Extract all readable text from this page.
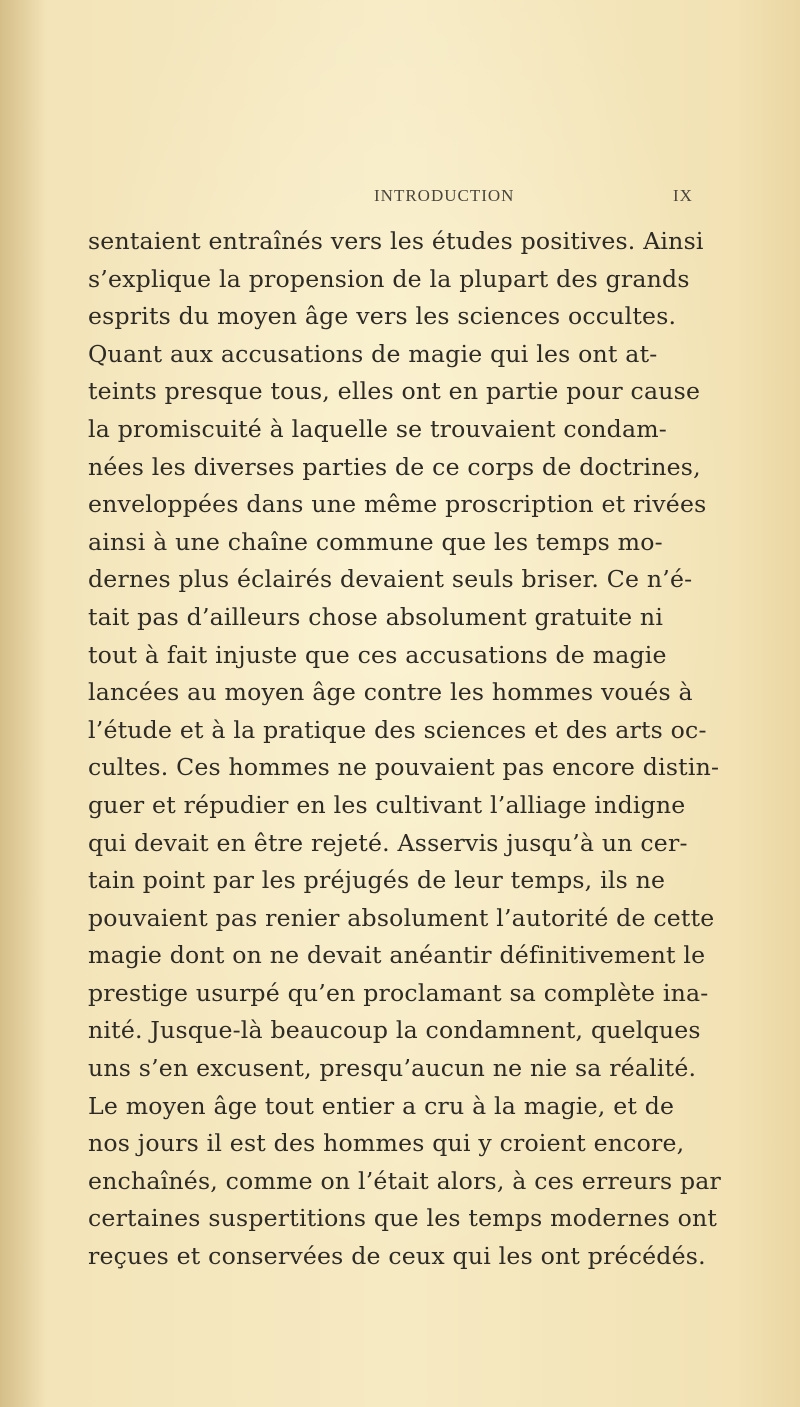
INTRODUCTION	IX
sentaient entraînés vers les études positives. Ainsi
s’explique la propension de la plupart des grands
esprits du moyen âge vers les sciences occultes.
Quant aux accusations de magie qui les ont at-
teints presque tous, elles ont en partie pour cause
la promiscuité à laquelle se trouvaient condam-
nées les diverses parties de ce corps de doctrines,
enveloppées dans une même proscription et rivées
ainsi à une chaîne commune que les temps mo-
dernes plus éclairés devaient seuls briser. Ce n’é-
tait pas d’ailleurs chose absolument gratuite ni
tout à fait injuste que ces accusations de magie
lancées au moyen âge contre les hommes voués à
l’étude et à la pratique des sciences et des arts oc-
cultes. Ces hommes ne pouvaient pas encore distin-
guer et répudier en les cultivant l’alliage indigne
qui devait en être rejeté. Asservis jusqu’à un cer-
tain point par les préjugés de leur temps, ils ne
pouvaient pas renier absolument l’autorité de cette
magie dont on ne devait anéantir définitivement le
prestige usurpé qu’en proclamant sa complète ina-
nité. Jusque-là beaucoup la condamnent, quelques
uns s’en excusent, presqu’aucun ne nie sa réalité.
Le moyen âge tout entier a cru à la magie, et de
nos jours il est des hommes qui y croient encore,
enchaînés, comme on l’était alors, à ces erreurs par
certaines suspertitions que les temps modernes ont
reçues et conservées de ceux qui les ont précédés.
